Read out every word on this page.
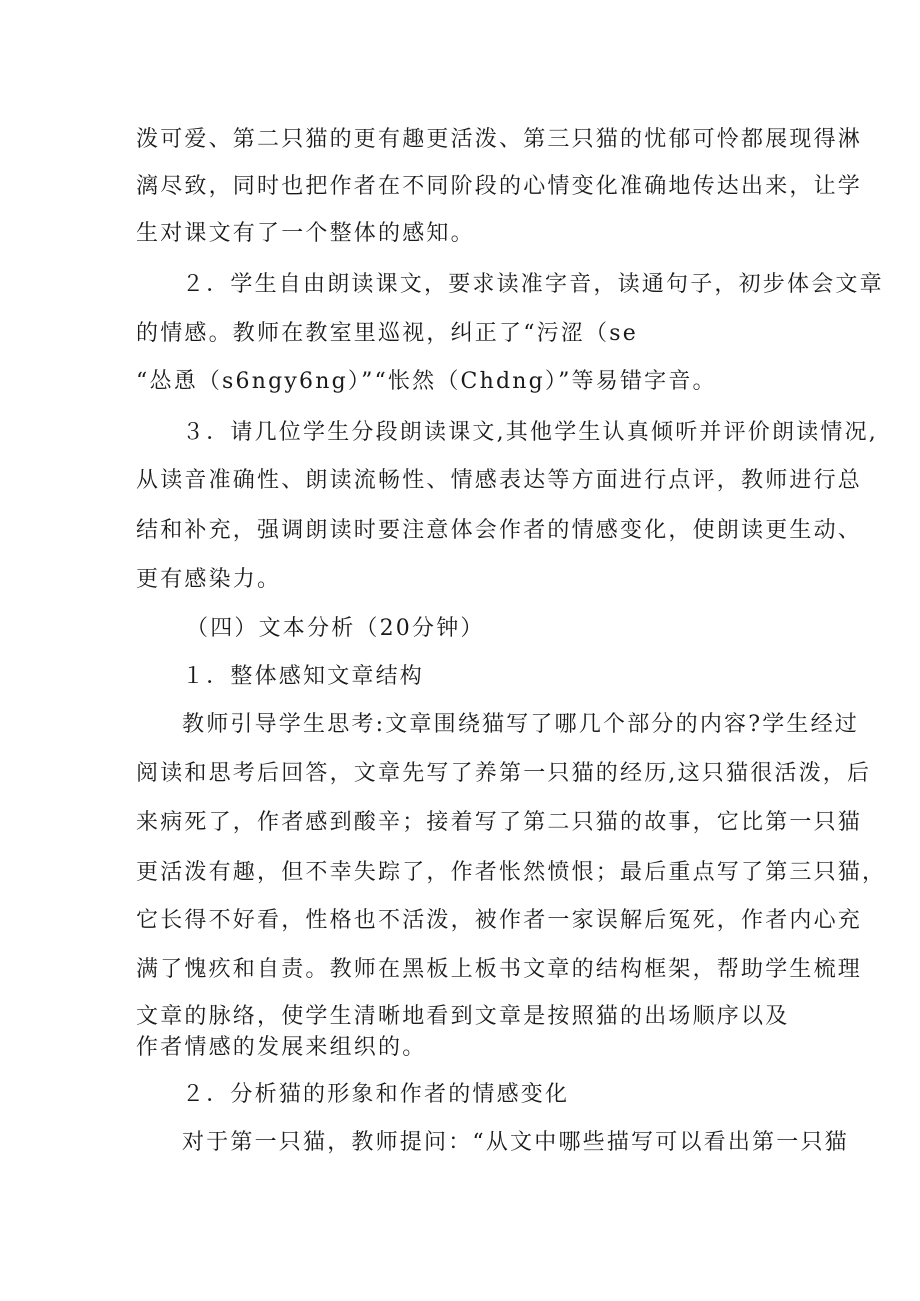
泼可爱、第二只猫的更有趣更活泼、第三只猫的忧郁可怜都展现得淋
漓尽致，同时也把作者在不同阶段的心情变化准确地传达出来，让学
生对课文有了一个整体的感知。
２．学生自由朗读课文，要求读准字音，读通句子，初步体会文章
的情感。教师在教室里巡视，纠正了“污涩（se
“怂恿（s6ngy6ng）”“怅然（Chdng）”等易错字音。
３．请几位学生分段朗读课文,其他学生认真倾听并评价朗读情况,
从读音准确性、朗读流畅性、情感表达等方面进行点评，教师进行总
结和补充，强调朗读时要注意体会作者的情感变化，使朗读更生动、
更有感染力。
（四）文本分析（20分钟）
１．整体感知文章结构
教师引导学生思考:文章围绕猫写了哪几个部分的内容?学生经过
阅读和思考后回答，文章先写了养第一只猫的经历,这只猫很活泼，后
来病死了，作者感到酸辛；接着写了第二只猫的故事，它比第一只猫
更活泼有趣，但不幸失踪了，作者怅然愤恨；最后重点写了第三只猫，
它长得不好看，性格也不活泼，被作者一家误解后冤死，作者内心充
满了愧疚和自责。教师在黑板上板书文章的结构框架，帮助学生梳理
文章的脉络，使学生清晰地看到文章是按照猫的出场顺序以及
作者情感的发展来组织的。
２．分析猫的形象和作者的情感变化
对于第一只猫，教师提问：“从文中哪些描写可以看出第一只猫
